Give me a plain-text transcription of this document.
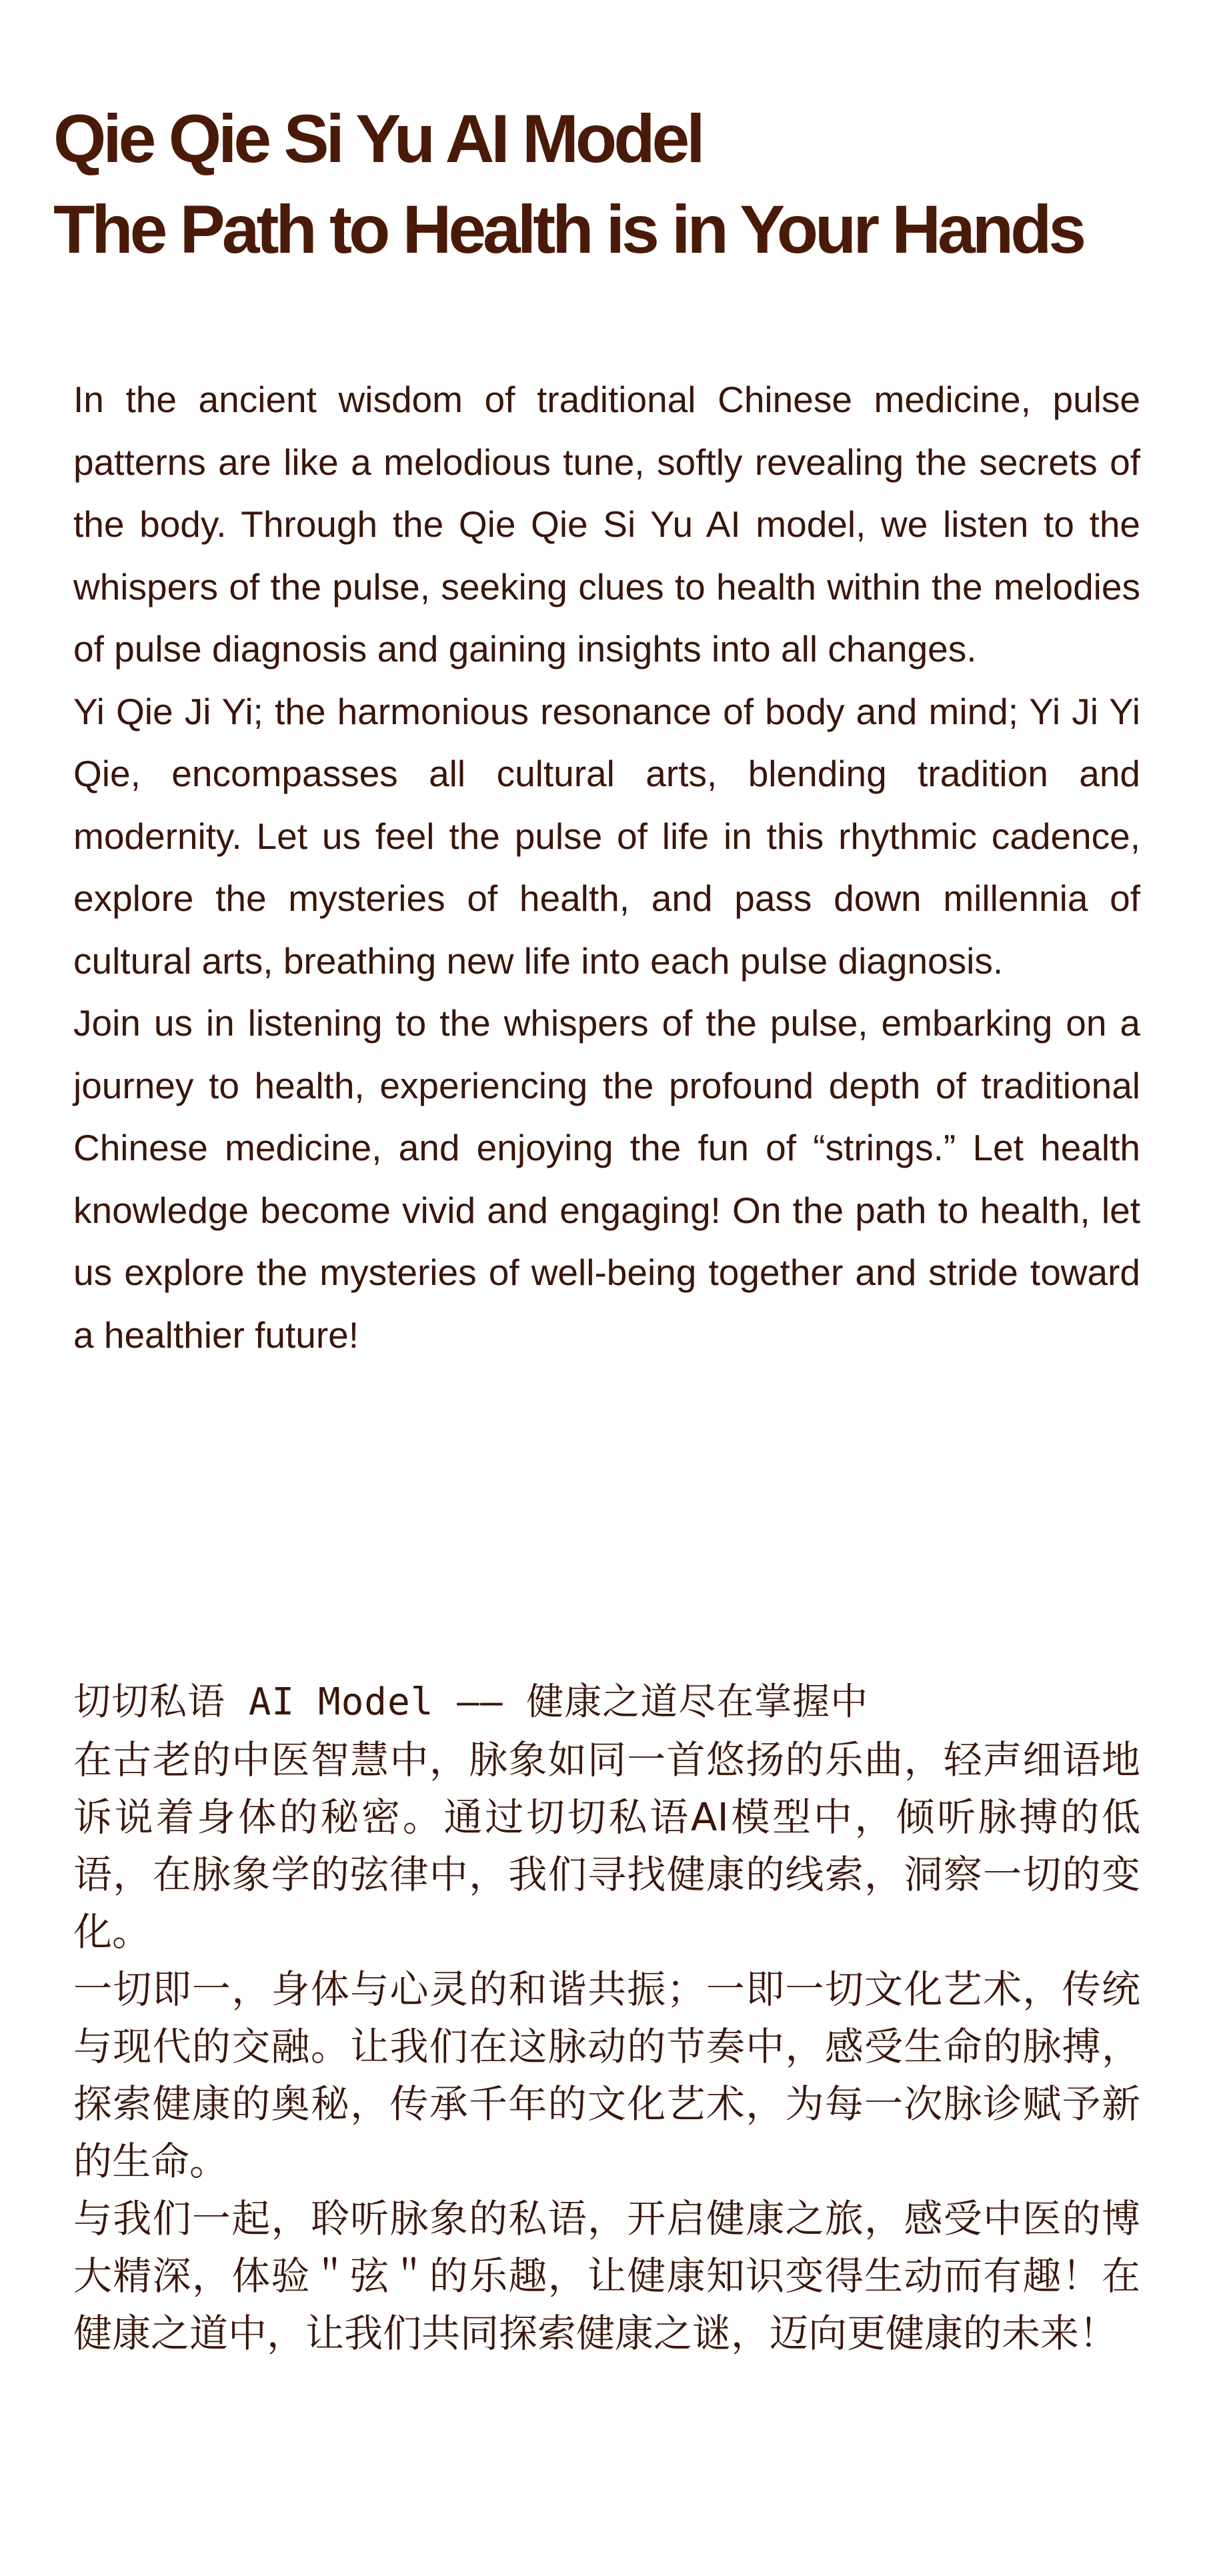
Qie Qie Si Yu AI Model
The Path to Health is in Your Hands

In the ancient wisdom of traditional Chinese medicine, pulse patterns are like a melodious tune, softly revealing the secrets of the body. Through the Qie Qie Si Yu AI model, we listen to the whispers of the pulse, seeking clues to health within the melodies of pulse diagnosis and gaining insights into all changes.

Yi Qie Ji Yi; the harmonious resonance of body and mind; Yi Ji Yi Qie, encompasses all cultural arts, blending tradition and modernity. Let us feel the pulse of life in this rhythmic cadence, explore the mysteries of health, and pass down millennia of cultural arts, breathing new life into each pulse diagnosis.

Join us in listening to the whispers of the pulse, embarking on a journey to health, experiencing the profound depth of traditional Chinese medicine, and enjoying the fun of “strings.” Let health knowledge become vivid and engaging! On the path to health, let us explore the mysteries of well-being together and stride toward a healthier future!

切切私语 AI Model —— 健康之道尽在掌握中

在古老的中医智慧中，脉象如同一首悠扬的乐曲，轻声细语地诉说着身体的秘密。通过切切私语AI模型中，倾听脉搏的低语，在脉象学的弦律中，我们寻找健康的线索，洞察一切的变化。

一切即一，身体与心灵的和谐共振；一即一切文化艺术，传统与现代的交融。让我们在这脉动的节奏中，感受生命的脉搏，探索健康的奥秘，传承千年的文化艺术，为每一次脉诊赋予新的生命。

与我们一起，聆听脉象的私语，开启健康之旅，感受中医的博大精深，体验＂弦＂的乐趣，让健康知识变得生动而有趣！在健康之道中，让我们共同探索健康之谜，迈向更健康的未来！
